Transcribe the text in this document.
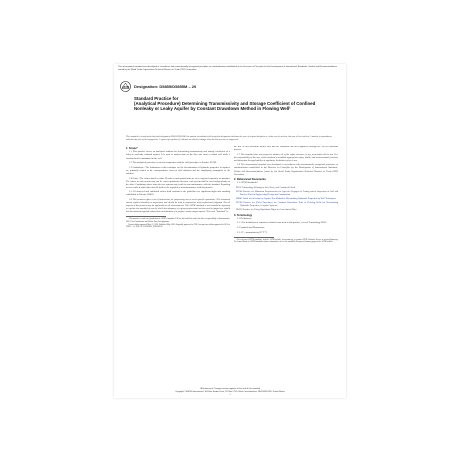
This international standard was developed in accordance with internationally recognized principles on standardization established in the Decision on Principles for the Development of International Standards, Guides and Recommendations issued by the World Trade Organization Technical Barriers to Trade (TBT) Committee.
ASTM Designation: D5855/D5855M – 20
Standard Practice for
(Analytical Procedure) Determining Transmissivity and Storage Coefficient of Confined Nonleaky or Leaky Aquifer by Constant Drawdown Method in Flowing Well¹
This standard is issued under the fixed designation D5855/D5855M; the number immediately following the designation indicates the year of original adoption or, in the case of revision, the year of last revision. A number in parentheses indicates the year of last reapproval. A superscript epsilon (ε) indicates an editorial change since the last revision or reapproval.
1. Scope*

1.1 This practice covers an analytical solution for determining transmissivity and storage coefficient of a leaky or nonleaky confined aquifer. It is used to analyze data on the flow rate from a control well while a constant head is maintained in the well.

1.2 This analytical procedure is used in conjunction with the field procedure in Practice D5786.

1.3 Limitations—The limitations of this technique for the determination of hydraulic properties of aquifers are primarily related to the correspondence between field situation and the simplifying assumption of the solution.

1.4 Units—The values stated in either SI units or inch-pound units are to be regarded separately as standard. The values in each system may not be exact equivalents; therefore each system shall be used independently of the other. Combining values from the two systems may result in non-conformance with the standard. Reporting of test results in units other than SI shall not be regarded as nonconformance with this practice.

1.5 All observed and calculated values shall conform to the guidelines for significant digits and rounding established in Practice D6026.

1.6 This practice offers a set of instructions for performing one or more specific operations. This document cannot replace education or experience and should be used in conjunction with professional judgment. Not all aspects of the practice may be applicable in all circumstances. This ASTM standard is not intended to represent or replace the standard of care by which the adequacy of a given professional service must be judged nor should this document be applied without the consideration of a project's many unique aspects. The word "Standard" in

¹ This practice is under the jurisdiction of ASTM Committee D18 on Soil and Rock and is the direct responsibility of Subcommittee D18.21 on Groundwater and Vadose Zone Investigations.

Current edition approved May 15, 2020. Published May 2020. Originally approved in 1995. Last previous edition approved in 2015 as D5855 – 15. DOI: 10.1520/D5855_D5855M-20.

the title of this document means only that the document has been approved through the ASTM consensus process.

1.7 This standard does not purport to address all of the safety concerns, if any, associated with its use. It is the responsibility of the user of this standard to establish appropriate safety, health, and environmental practices and determine the applicability of regulatory limitations prior to use.

1.8 This international standard was developed in accordance with internationally recognized principles on standardization established in the Decision on Principles for the Development of International Standards, Guides and Recommendations issued by the World Trade Organization Technical Barriers to Trade (TBT) Committee.

2. Referenced Documents

2.1 ASTM Standards:²

D653 Terminology Relating to Soil, Rock, and Contained Fluids

D3740 Practice for Minimum Requirements for Agencies Engaged in Testing and/or Inspection of Soil and Rock as Used in Engineering Design and Construction

D4043 Guide for Selection of Aquifer Test Method in Determining Hydraulic Properties by Well Techniques

D5786 Practice for (Field Procedure) for Constant Drawdown Tests in Flowing Wells for Determining Hydraulic Properties of Aquifer Systems

D6026 Practice for Using Significant Digits in Geotechnical Data

3. Terminology

3.1 Definitions:

3.1.1 For definitions of common technical terms used in this practice, refer to Terminology D653.

3.2 Symbols and Dimensions:

3.2.1 T—transmissivity [L² T⁻¹].

² For referenced ASTM standards, visit the ASTM website, www.astm.org, or contact ASTM Customer Service at service@astm.org. For Annual Book of ASTM Standards volume information, refer to the standard's Document Summary page on the ASTM website.

*A Summary of Changes section appears at the end of this standard
Copyright © ASTM International, 100 Barr Harbor Drive, PO Box C700, West Conshohocken, PA 19428-2959. United States
1
